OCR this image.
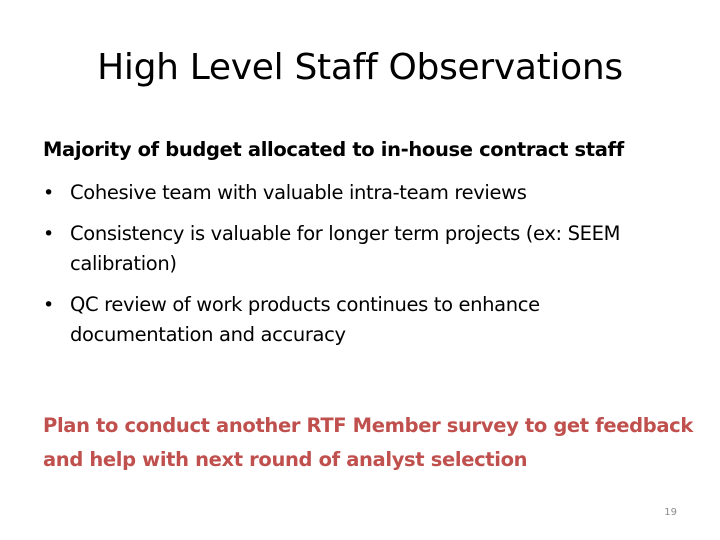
High Level Staff Observations
Majority of budget allocated to in-house contract staff
• Cohesive team with valuable intra-team reviews
• Consistency is valuable for longer term projects (ex: SEEM calibration)
• QC review of work products continues to enhance documentation and accuracy
Plan to conduct another RTF Member survey to get feedback and help with next round of analyst selection
19
